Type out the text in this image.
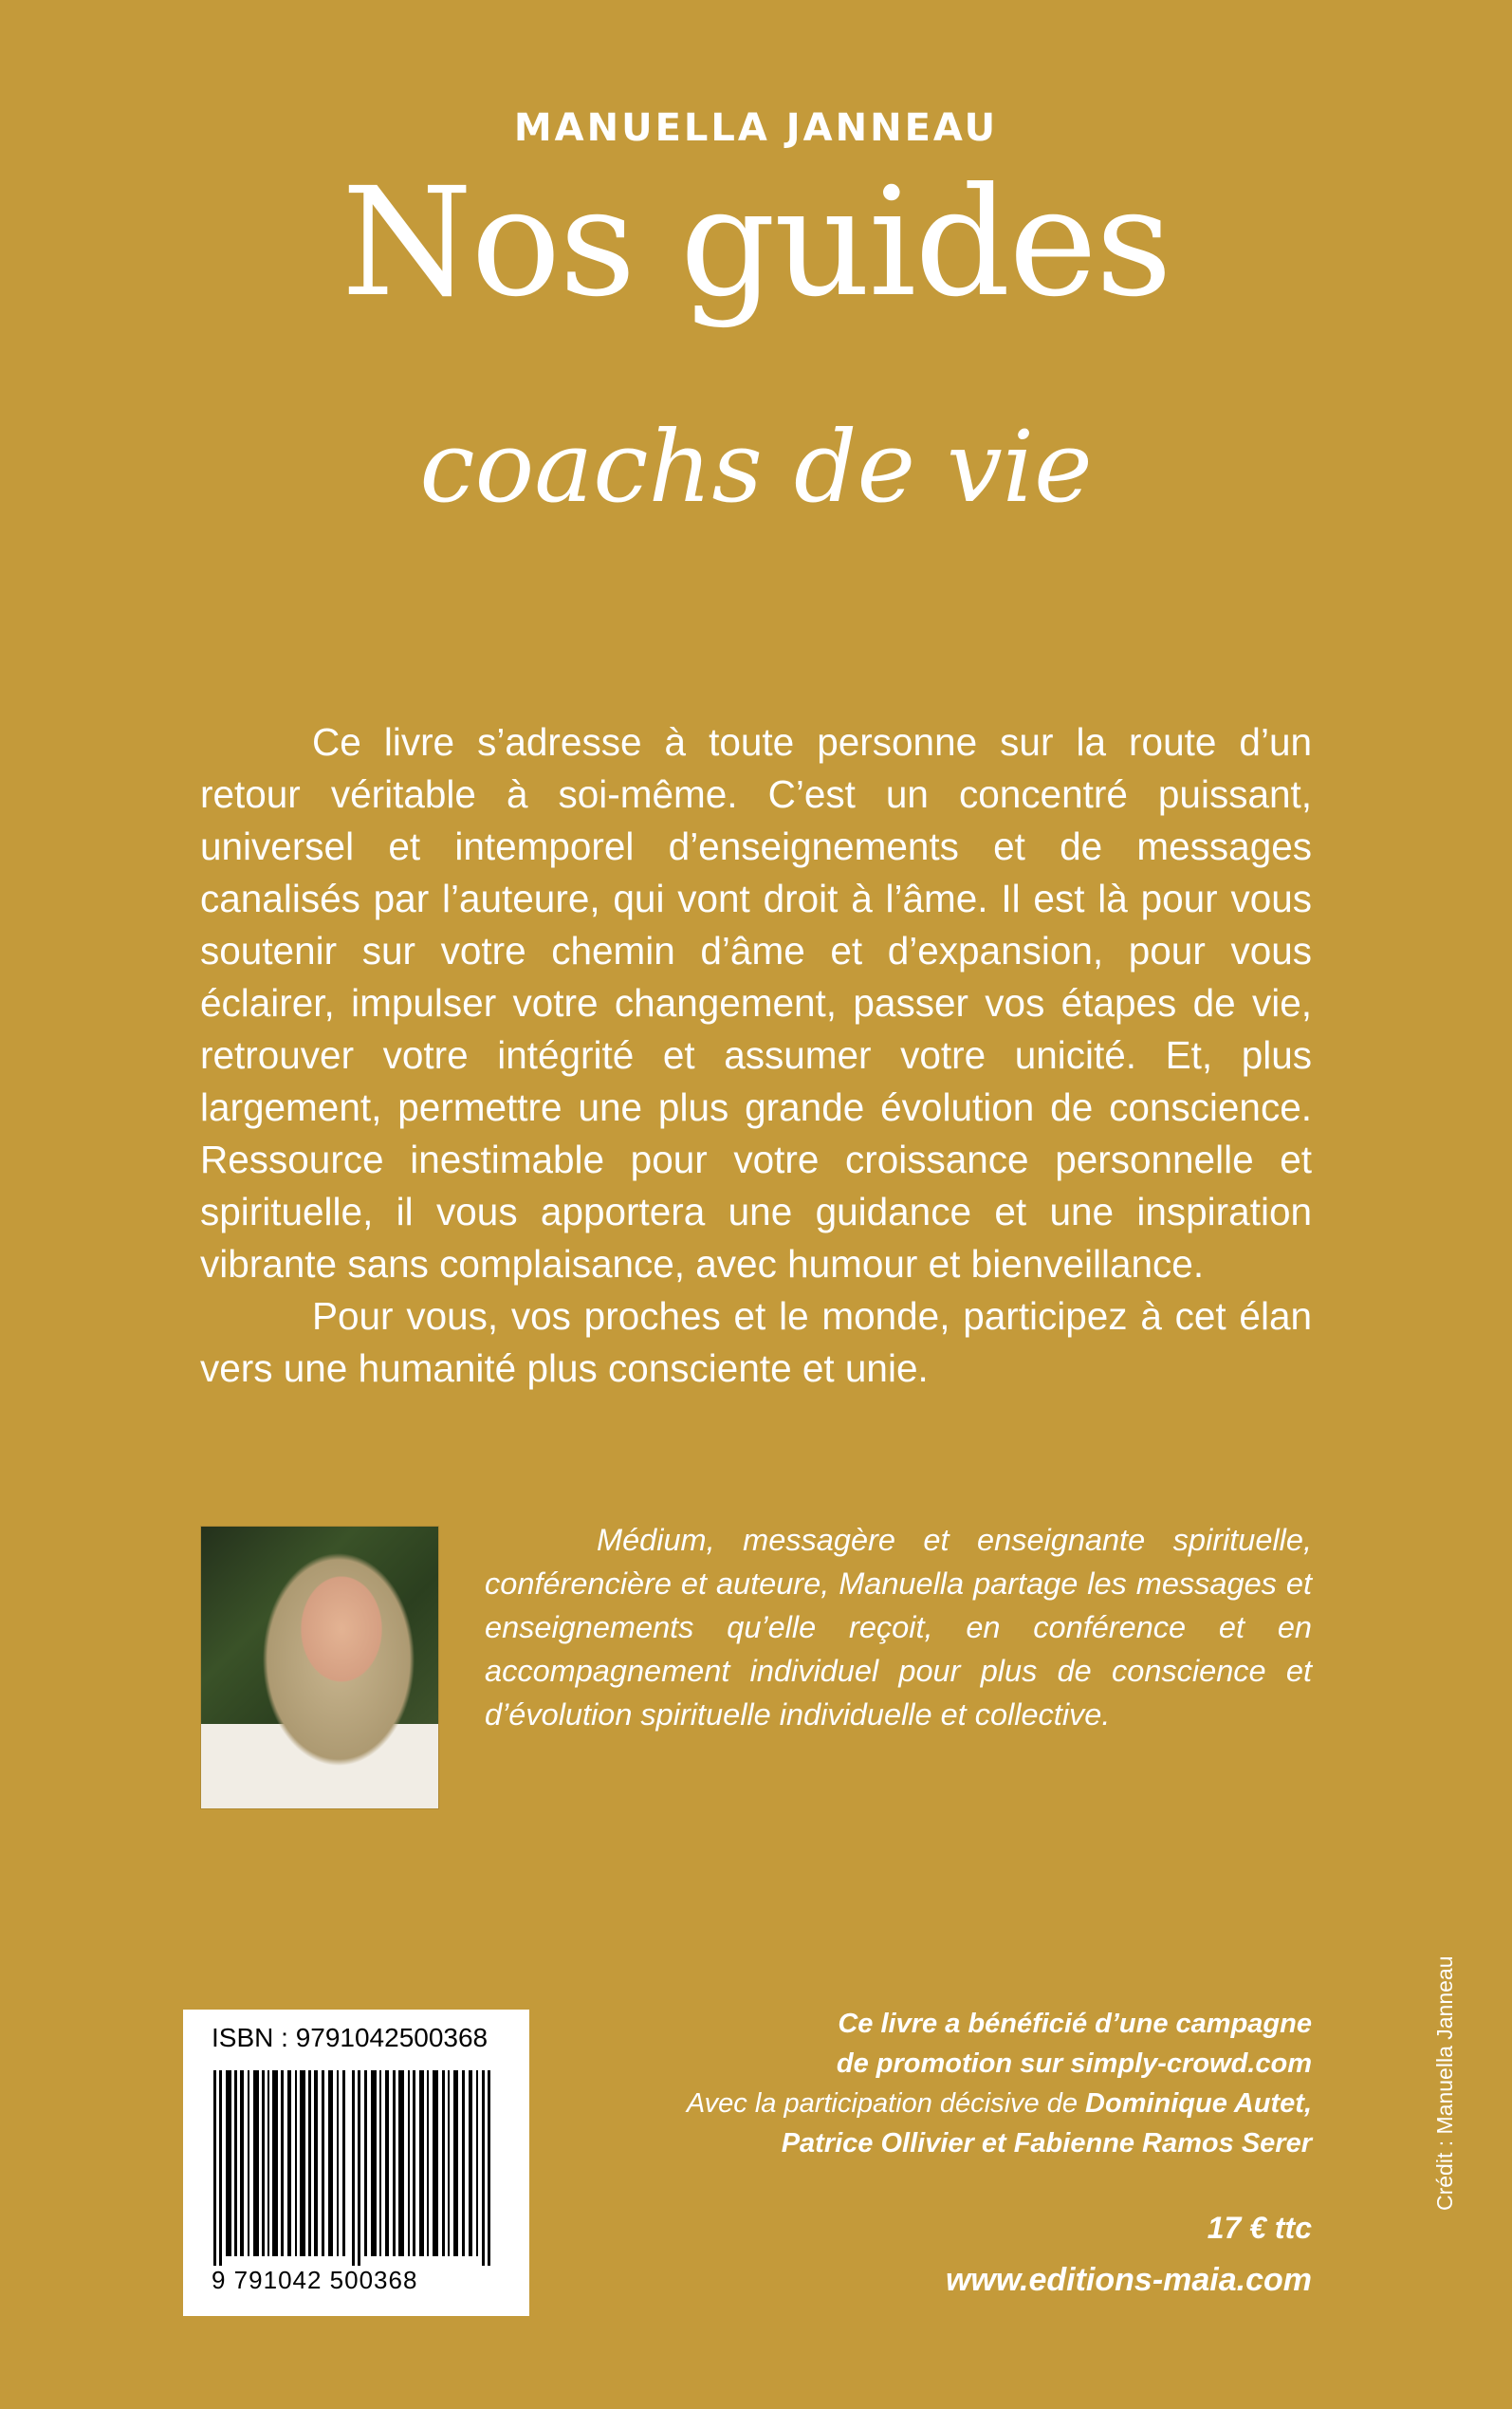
MANUELLA JANNEAU
Nos guides
coachs de vie

Ce livre s’adresse à toute personne sur la route d’un retour véritable à soi-même. C’est un concentré puissant, universel et intemporel d’enseignements et de messages canalisés par l’auteure, qui vont droit à l’âme. Il est là pour vous soutenir sur votre chemin d’âme et d’expansion, pour vous éclairer, impulser votre changement, passer vos étapes de vie, retrouver votre intégrité et assumer votre unicité. Et, plus largement, permettre une plus grande évolution de conscience. Ressource inestimable pour votre croissance personnelle et spirituelle, il vous apportera une guidance et une inspiration vibrante sans complaisance, avec humour et bienveillance.

Pour vous, vos proches et le monde, participez à cet élan vers une humanité plus consciente et unie.

Médium, messagère et enseignante spirituelle, conférencière et auteure, Manuella partage les messages et enseignements qu’elle reçoit, en conférence et en accompagnement individuel pour plus de conscience et d’évolution spirituelle individuelle et collective.

ISBN : 9791042500368
9 791042 500368
Ce livre a bénéficié d’une campagne
de promotion sur simply-crowd.com
Avec la participation décisive de Dominique Autet,
Patrice Ollivier et Fabienne Ramos Serer
17 € ttc
www.editions-maia.com
Crédit : Manuella Janneau
